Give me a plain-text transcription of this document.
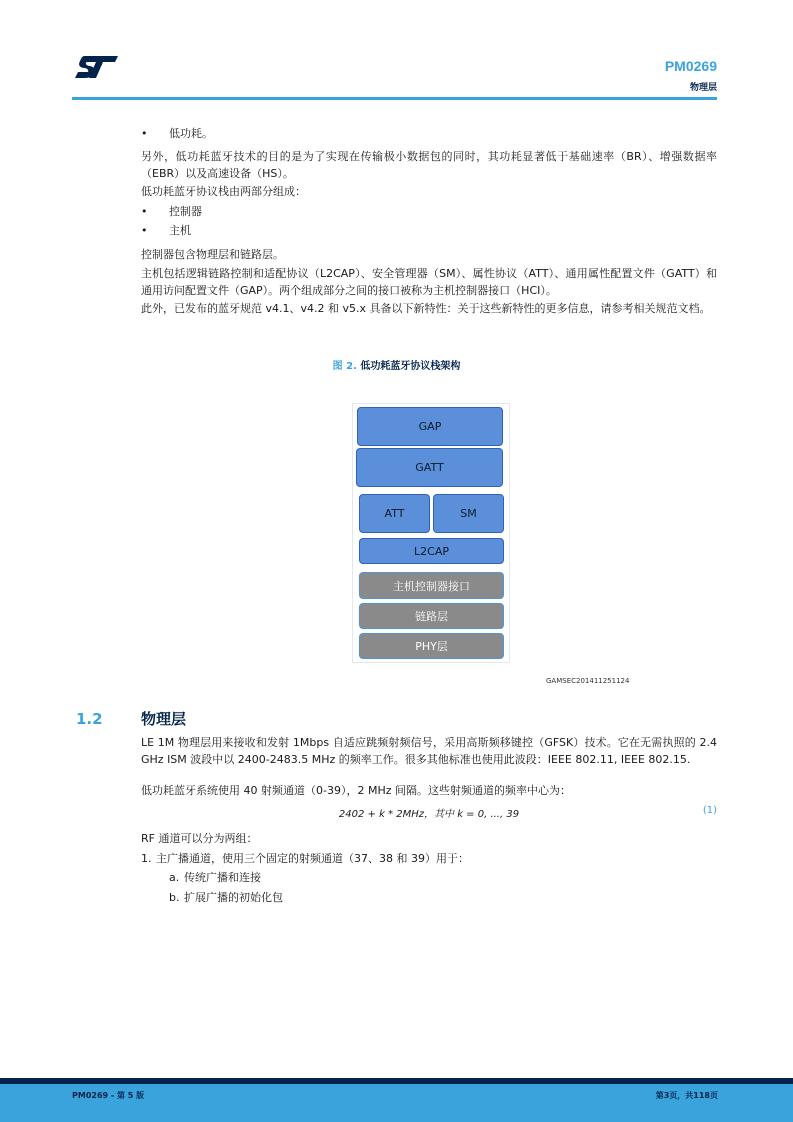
PM0269
物理层
• 低功耗。

另外，低功耗蓝牙技术的目的是为了实现在传输极小数据包的同时，其功耗显著低于基础速率（BR）、增强数据率（EBR）以及高速设备（HS）。

低功耗蓝牙协议栈由两部分组成：

• 控制器
• 主机

控制器包含物理层和链路层。

主机包括逻辑链路控制和适配协议（L2CAP）、安全管理器（SM）、属性协议（ATT）、通用属性配置文件（GATT）和通用访问配置文件（GAP）。两个组成部分之间的接口被称为主机控制器接口（HCI）。

此外，已发布的蓝牙规范 v4.1、v4.2 和 v5.x 具备以下新特性：关于这些新特性的更多信息，请参考相关规范文档。

图 2. 低功耗蓝牙协议栈架构
GAP
GATT
ATT	SM
L2CAP
主机控制器接口
链路层
PHY层
GAMSEC201411251124
1.2	物理层

LE 1M 物理层用来接收和发射 1Mbps 自适应跳频射频信号，采用高斯频移键控（GFSK）技术。它在无需执照的 2.4 GHz ISM 波段中以 2400-2483.5 MHz 的频率工作。很多其他标准也使用此波段：IEEE 802.11, IEEE 802.15.

低功耗蓝牙系统使用 40 射频通道（0-39），2 MHz 间隔。这些射频通道的频率中心为：

2402 + k * 2MHz，其中 k = 0, ..., 39	(1)

RF 通道可以分为两组：

1. 主广播通道，使用三个固定的射频通道（37、38 和 39）用于：
a. 传统广播和连接
b. 扩展广播的初始化包
PM0269 - 第 5 版	第3页，共118页
